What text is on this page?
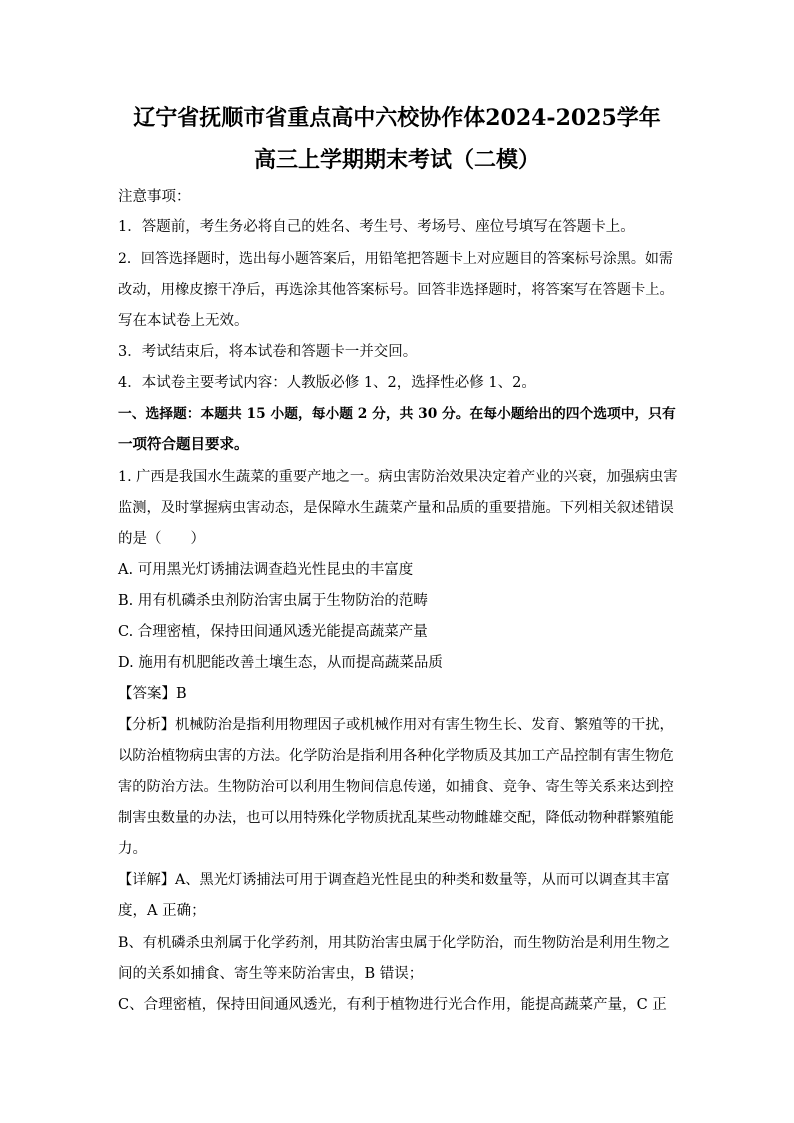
辽宁省抚顺市省重点高中六校协作体2024-2025学年
高三上学期期末考试（二模）
注意事项：
1．答题前，考生务必将自己的姓名、考生号、考场号、座位号填写在答题卡上。
2．回答选择题时，选出每小题答案后，用铅笔把答题卡上对应题目的答案标号涂黑。如需
改动，用橡皮擦干净后，再选涂其他答案标号。回答非选择题时，将答案写在答题卡上。
写在本试卷上无效。
3．考试结束后，将本试卷和答题卡一并交回。
4．本试卷主要考试内容：人教版必修 1、2，选择性必修 1、2。
一、选择题：本题共 15 小题，每小题 2 分，共 30 分。在每小题给出的四个选项中，只有
一项符合题目要求。
1. 广西是我国水生蔬菜的重要产地之一。病虫害防治效果决定着产业的兴衰，加强病虫害
监测，及时掌握病虫害动态，是保障水生蔬菜产量和品质的重要措施。下列相关叙述错误
的是（　　）
A. 可用黑光灯诱捕法调查趋光性昆虫的丰富度
B. 用有机磷杀虫剂防治害虫属于生物防治的范畴
C. 合理密植，保持田间通风透光能提高蔬菜产量
D. 施用有机肥能改善土壤生态，从而提高蔬菜品质
【答案】B
【分析】机械防治是指利用物理因子或机械作用对有害生物生长、发育、繁殖等的干扰，
以防治植物病虫害的方法。化学防治是指利用各种化学物质及其加工产品控制有害生物危
害的防治方法。生物防治可以利用生物间信息传递，如捕食、竞争、寄生等关系来达到控
制害虫数量的办法，也可以用特殊化学物质扰乱某些动物雌雄交配，降低动物种群繁殖能
力。
【详解】A、黑光灯诱捕法可用于调查趋光性昆虫的种类和数量等，从而可以调查其丰富
度，A 正确；
B、有机磷杀虫剂属于化学药剂，用其防治害虫属于化学防治，而生物防治是利用生物之
间的关系如捕食、寄生等来防治害虫，B 错误；
C、合理密植，保持田间通风透光，有利于植物进行光合作用，能提高蔬菜产量，C 正
